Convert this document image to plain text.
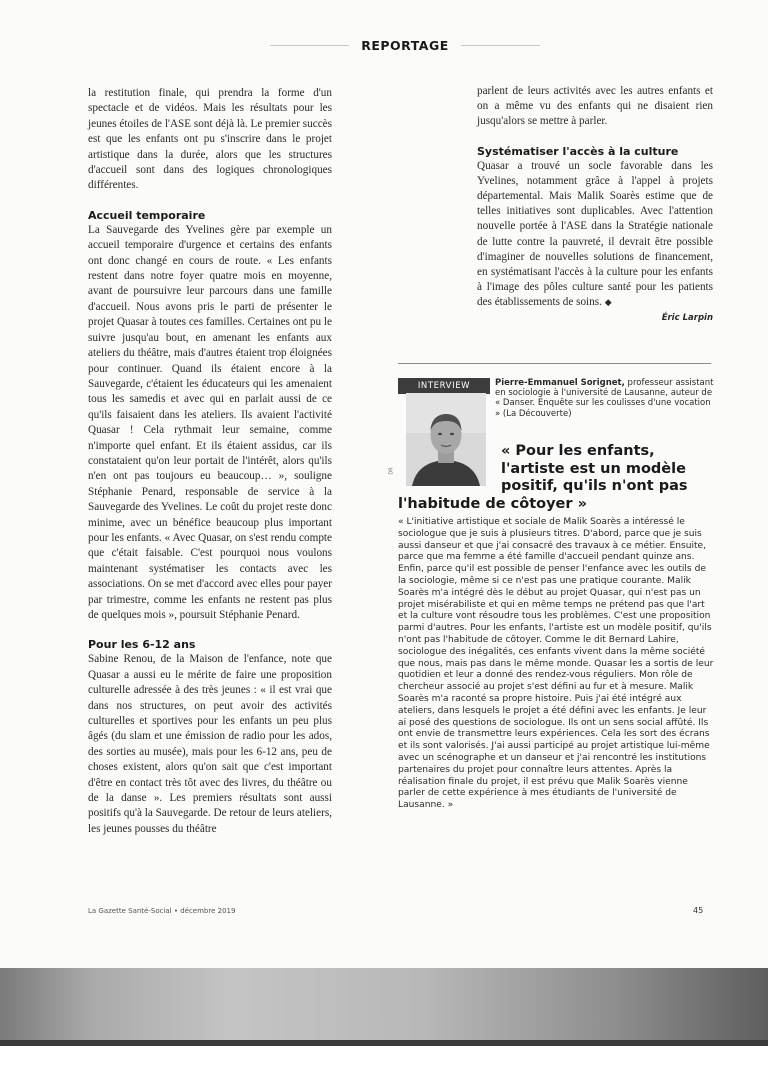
REPORTAGE

la restitution finale, qui prendra la forme d'un spectacle et de vidéos. Mais les résultats pour les jeunes étoiles de l'ASE sont déjà là. Le premier succès est que les enfants ont pu s'inscrire dans le projet artistique dans la durée, alors que les structures d'accueil sont dans des logiques chronologiques différentes.

Accueil temporaire

La Sauvegarde des Yvelines gère par exemple un accueil temporaire d'urgence et certains des enfants ont donc changé en cours de route. « Les enfants restent dans notre foyer quatre mois en moyenne, avant de poursuivre leur parcours dans une famille d'accueil. Nous avons pris le parti de présenter le projet Quasar à toutes ces familles. Certaines ont pu le suivre jusqu'au bout, en amenant les enfants aux ateliers du théâtre, mais d'autres étaient trop éloignées pour continuer. Quand ils étaient encore à la Sauvegarde, c'étaient les éducateurs qui les amenaient tous les samedis et avec qui en parlait aussi de ce qu'ils faisaient dans les ateliers. Ils avaient l'activité Quasar ! Cela rythmait leur semaine, comme n'importe quel enfant. Et ils étaient assidus, car ils constataient qu'on leur portait de l'intérêt, alors qu'ils n'en ont pas toujours eu beaucoup… », souligne Stéphanie Penard, responsable de service à la Sauvegarde des Yvelines. Le coût du projet reste donc minime, avec un bénéfice beaucoup plus important pour les enfants. « Avec Quasar, on s'est rendu compte que c'était faisable. C'est pourquoi nous voulons maintenant systématiser les contacts avec les associations. On se met d'accord avec elles pour payer par trimestre, comme les enfants ne restent pas plus de quelques mois », poursuit Stéphanie Penard.

Pour les 6-12 ans

Sabine Renou, de la Maison de l'enfance, note que Quasar a aussi eu le mérite de faire une proposition culturelle adressée à des très jeunes : « il est vrai que dans nos structures, on peut avoir des activités culturelles et sportives pour les enfants un peu plus âgés (du slam et une émission de radio pour les ados, des sorties au musée), mais pour les 6-12 ans, peu de choses existent, alors qu'on sait que c'est important d'être en contact très tôt avec des livres, du théâtre ou de la danse ». Les premiers résultats sont aussi positifs qu'à la Sauvegarde. De retour de leurs ateliers, les jeunes pousses du théâtre

parlent de leurs activités avec les autres enfants et on a même vu des enfants qui ne disaient rien jusqu'alors se mettre à parler.

Systématiser l'accès à la culture

Quasar a trouvé un socle favorable dans les Yvelines, notamment grâce à l'appel à projets départemental. Mais Malik Soarès estime que de telles initiatives sont duplicables. Avec l'attention nouvelle portée à l'ASE dans la Stratégie nationale de lutte contre la pauvreté, il devrait être possible d'imaginer de nouvelles solutions de financement, en systématisant l'accès à la culture pour les enfants à l'image des pôles culture santé pour les patients des établissements de soins. ◆

Éric Larpin
INTERVIEW
DR
Pierre-Emmanuel Sorignet, professeur assistant en sociologie à l'université de Lausanne, auteur de « Danser. Enquête sur les coulisses d'une vocation » (La Découverte)
« Pour les enfants,
l'artiste est un modèle
positif, qu'ils n'ont pas
l'habitude de côtoyer »

« L'initiative artistique et sociale de Malik Soarès a intéressé le sociologue que je suis à plusieurs titres. D'abord, parce que je suis aussi danseur et que j'ai consacré des travaux à ce métier. Ensuite, parce que ma femme a été famille d'accueil pendant quinze ans. Enfin, parce qu'il est possible de penser l'enfance avec les outils de la sociologie, même si ce n'est pas une pratique courante. Malik Soarès m'a intégré dès le début au projet Quasar, qui n'est pas un projet misérabiliste et qui en même temps ne prétend pas que l'art et la culture vont résoudre tous les problèmes. C'est une proposition parmi d'autres. Pour les enfants, l'artiste est un modèle positif, qu'ils n'ont pas l'habitude de côtoyer. Comme le dit Bernard Lahire, sociologue des inégalités, ces enfants vivent dans la même société que nous, mais pas dans le même monde. Quasar les a sortis de leur quotidien et leur a donné des rendez-vous réguliers. Mon rôle de chercheur associé au projet s'est défini au fur et à mesure. Malik Soarès m'a raconté sa propre histoire. Puis j'ai été intégré aux ateliers, dans lesquels le projet a été défini avec les enfants. Je leur ai posé des questions de sociologue. Ils ont un sens social affûté. Ils ont envie de transmettre leurs expériences. Cela les sort des écrans et ils sont valorisés. J'ai aussi participé au projet artistique lui-même avec un scénographe et un danseur et j'ai rencontré les institutions partenaires du projet pour connaître leurs attentes. Après la réalisation finale du projet, il est prévu que Malik Soarès vienne parler de cette expérience à mes étudiants de l'université de Lausanne. »

La Gazette Santé-Social • décembre 2019	45
